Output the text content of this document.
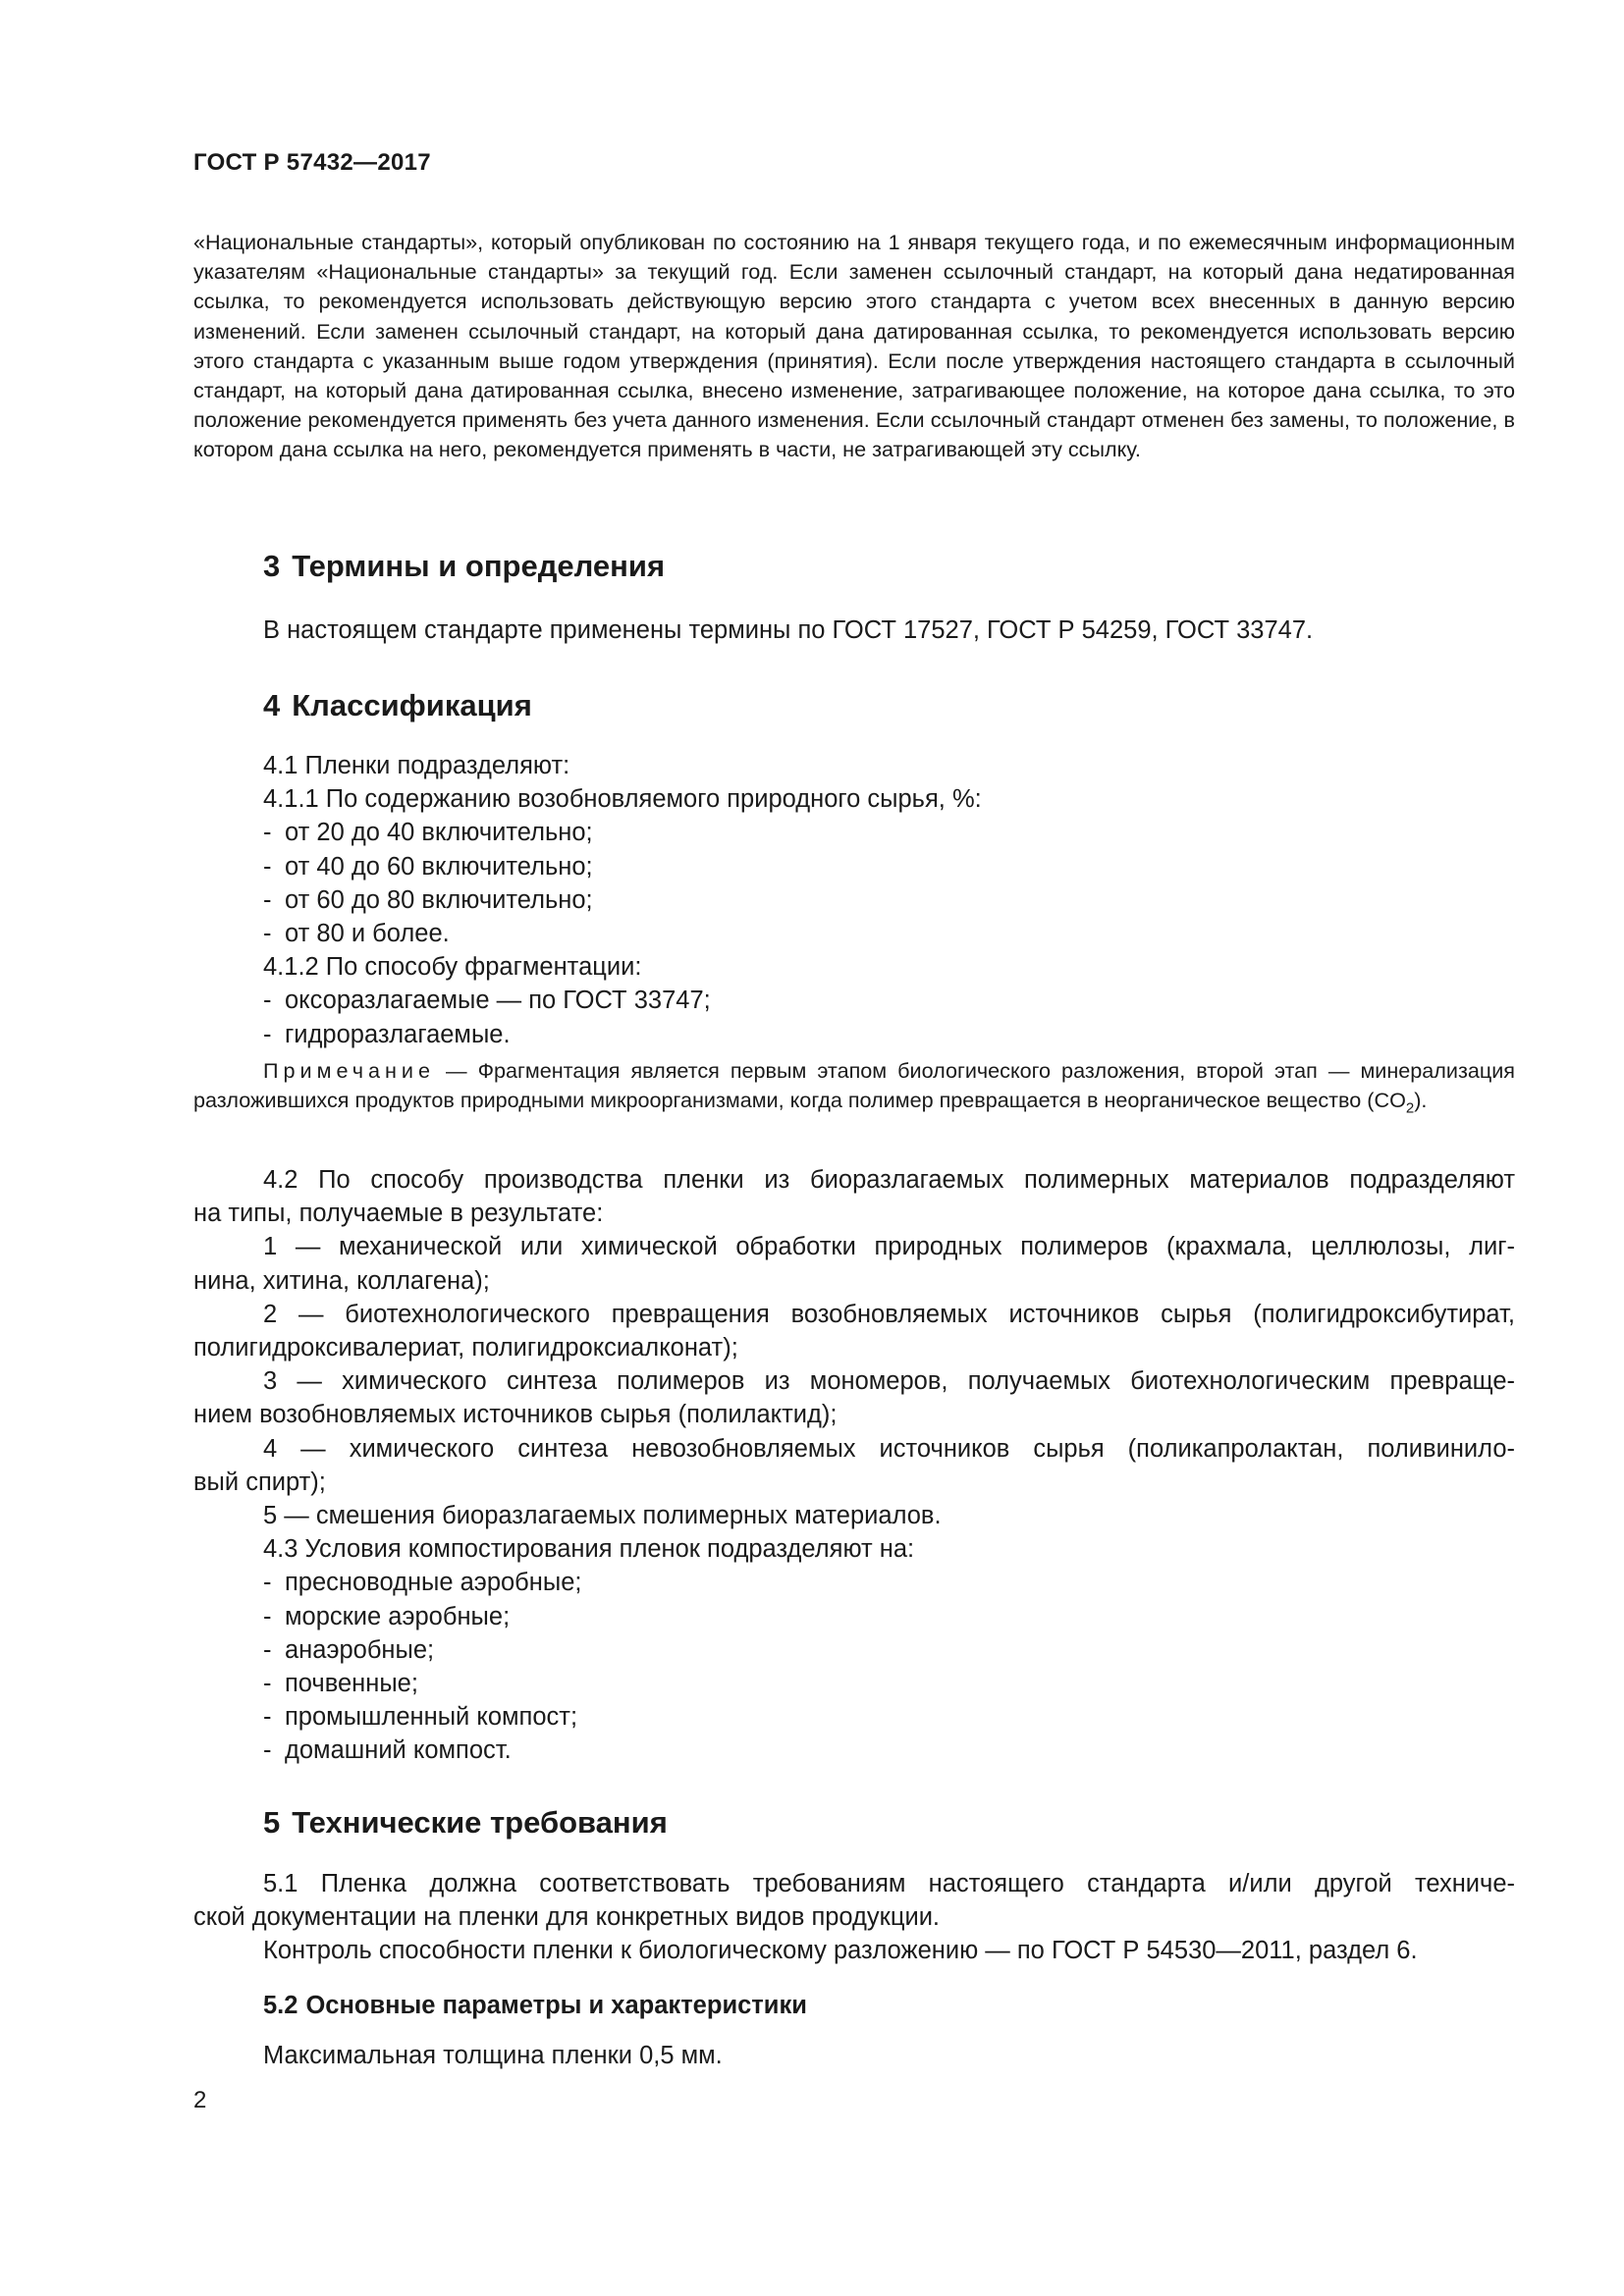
ГОСТ Р 57432—2017
«Национальные стандарты», который опубликован по состоянию на 1 января текущего года, и по ежемесячным информационным указателям «Национальные стандарты» за текущий год. Если заменен ссылочный стандарт, на который дана недатированная ссылка, то рекомендуется использовать действующую версию этого стандарта с учетом всех внесенных в данную версию изменений. Если заменен ссылочный стандарт, на который дана датированная ссылка, то рекомендуется использовать версию этого стандарта с указанным выше годом утверждения (принятия). Если после утверждения настоящего стандарта в ссылочный стандарт, на который дана датированная ссылка, внесено изменение, затрагивающее положение, на которое дана ссылка, то это положение рекомендуется применять без учета данного изменения. Если ссылочный стандарт отменен без замены, то положение, в котором дана ссылка на него, рекомендуется применять в части, не затрагивающей эту ссылку.
3 Термины и определения
В настоящем стандарте применены термины по ГОСТ 17527, ГОСТ Р 54259, ГОСТ 33747.
4 Классификация
4.1 Пленки подразделяют:
4.1.1 По содержанию возобновляемого природного сырья, %:
- от 20 до 40 включительно;
- от 40 до 60 включительно;
- от 60 до 80 включительно;
- от 80 и более.
4.1.2 По способу фрагментации:
- оксоразлагаемые — по ГОСТ 33747;
- гидроразлагаемые.
Примечание — Фрагментация является первым этапом биологического разложения, второй этап — минерализация разложившихся продуктов природными микроорганизмами, когда полимер превращается в неорганическое вещество $(CO_2)$.
4.2 По способу производства пленки из биоразлагаемых полимерных материалов подразделяют
на типы, получаемые в результате:
1 — механической или химической обработки природных полимеров (крахмала, целлюлозы, лиг-
нина, хитина, коллагена);
2 — биотехнологического превращения возобновляемых источников сырья (полигидроксибутират,
полигидроксивалериат, полигидроксиалконат);
3 — химического синтеза полимеров из мономеров, получаемых биотехнологическим превраще-
нием возобновляемых источников сырья (полилактид);
4 — химического синтеза невозобновляемых источников сырья (поликапролактан, поливинило-
вый спирт);
5 — смешения биоразлагаемых полимерных материалов.
4.3 Условия компостирования пленок подразделяют на:
- пресноводные аэробные;
- морские аэробные;
- анаэробные;
- почвенные;
- промышленный компост;
- домашний компост.
5 Технические требования
5.1 Пленка должна соответствовать требованиям настоящего стандарта и/или другой техниче-
ской документации на пленки для конкретных видов продукции.
Контроль способности пленки к биологическому разложению — по ГОСТ Р 54530—2011, раздел 6.
5.2 Основные параметры и характеристики
Максимальная толщина пленки 0,5 мм.
2
